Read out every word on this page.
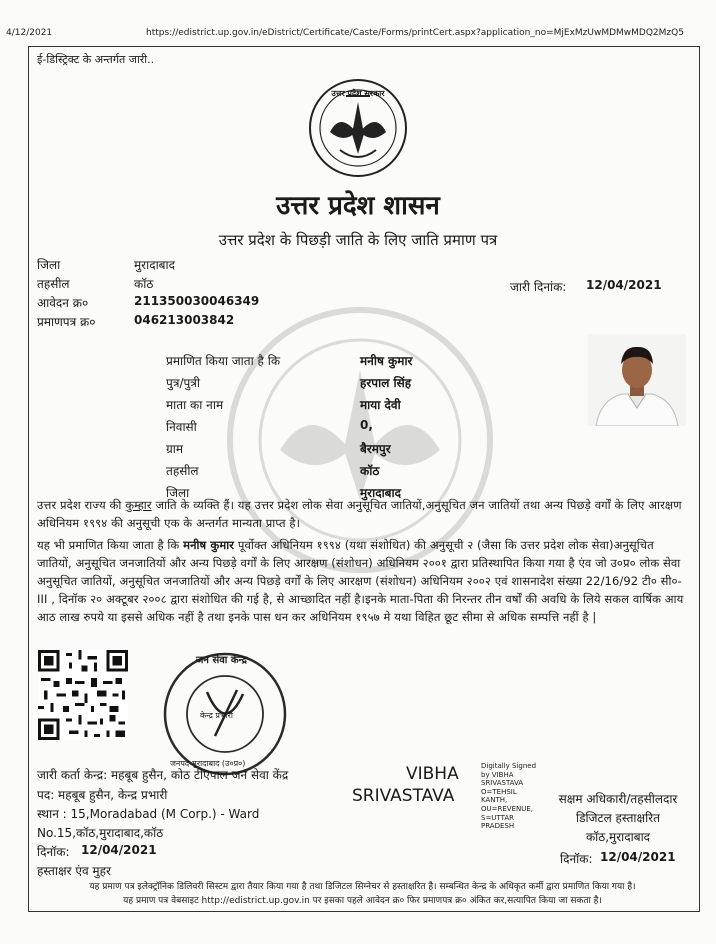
4/12/2021	https://edistrict.up.gov.in/eDistrict/Certificate/Caste/Forms/printCert.aspx?application_no=MjExMzUwMDMwMDQ2MzQ5
ई-डिस्ट्रिक्ट के अन्तर्गत जारी..
उत्तर प्रदेश सरकार
उत्तर प्रदेश शासन
उत्तर प्रदेश के पिछड़ी जाति के लिए जाति प्रमाण पत्र
जिला	मुरादाबाद
तहसील	कॉठ
आवेदन क्र०	211350030046349
प्रमाणपत्र क्र०	046213003842
जारी दिनांक: 12/04/2021
प्रमाणित किया जाता है कि	मनीष कुमार
पुत्र/पुत्री	हरपाल सिंह
माता का नाम	माया देवी
निवासी	0,
ग्राम	बैरमपुर
तहसील	कॉठ
जिला	मुरादाबाद
उत्तर प्रदेश राज्य की कुम्हार जाति के व्यक्ति हैं। यह उत्तर प्रदेश लोक सेवा अनुसूचित जातियों,अनुसूचित जन जातियों तथा अन्य पिछड़े वर्गों के लिए आरक्षण अधिनियम १९९४ की अनुसूची एक के अन्तर्गत मान्यता प्राप्त है।
यह भी प्रमाणित किया जाता है कि मनीष कुमार पूर्वोक्त अधिनियम १९९४ (यथा संशोधित) की अनुसूची २ (जैसा कि उत्तर प्रदेश लोक सेवा)अनुसूचित जातियों, अनुसूचित जनजातियों और अन्य पिछड़े वर्गों के लिए आरक्षण (संशोधन) अधिनियम २००१ द्वारा प्रतिस्थापित किया गया है एंव जो उ०प्र० लोक सेवा अनुसूचित जातियों, अनुसूचित जनजातियों और अन्य पिछड़े वर्गों के लिए आरक्षण (संशोधन) अधिनियम २००२ एवं शासनादेश संख्या 22/16/92 टी० सी०-III , दिनॉक २० अक्टूबर २००८ द्वारा संशोधित की गई है, से आच्छादित नहीं है।इनके माता-पिता की निरन्तर तीन वर्षों की अवधि के लिये सकल वार्षिक आय आठ लाख रुपये या इससे अधिक नहीं है तथा इनके पास धन कर अधिनियम १९५७ मे यथा विहित छूट सीमा से अधिक सम्पत्ति नहीं है |
जन सेवा केन्द्र
केन्द्र प्रभारी
जनपद-मुरादाबाद (उ०प्र०)
जारी कर्ता केन्द्र: महबूब हुसैन, कोठ टीएपाल जन सेवा केंद्र
पद: महबूब हुसैन, केन्द्र प्रभारी
स्थान : 15,Moradabad (M Corp.) - Ward
No.15,कॉठ,मुरादाबाद,कॉठ
दिनॉक: 12/04/2021
हस्ताक्षर एंव मुहर
VIBHA
SRIVASTAVA
Digitally Signed
by VIBHA
SRIVASTAVA
O=TEHSIL
KANTH,
OU=REVENUE,
S=UTTAR
PRADESH
सक्षम अधिकारी/तहसीलदार
डिजिटल हस्ताक्षरित
कॉठ,मुरादाबाद
दिनॉक: 12/04/2021
यह प्रमाण पत्र इलेक्ट्रॉनिक डिलिवरी सिस्टम द्वारा तैयार किया गया है तथा डिजिटल सिग्नेचर से हस्ताक्षरित है। सम्बन्धित केन्द्र के अधिकृत कर्मी द्वारा प्रमाणित किया गया है।
यह प्रमाण पत्र वेबसाइट http://edistrict.up.gov.in पर इसका पहले आवेदन क्र० फिर प्रमाणपत्र क्र० अंकित कर,सत्यापित किया जा सकता है।
